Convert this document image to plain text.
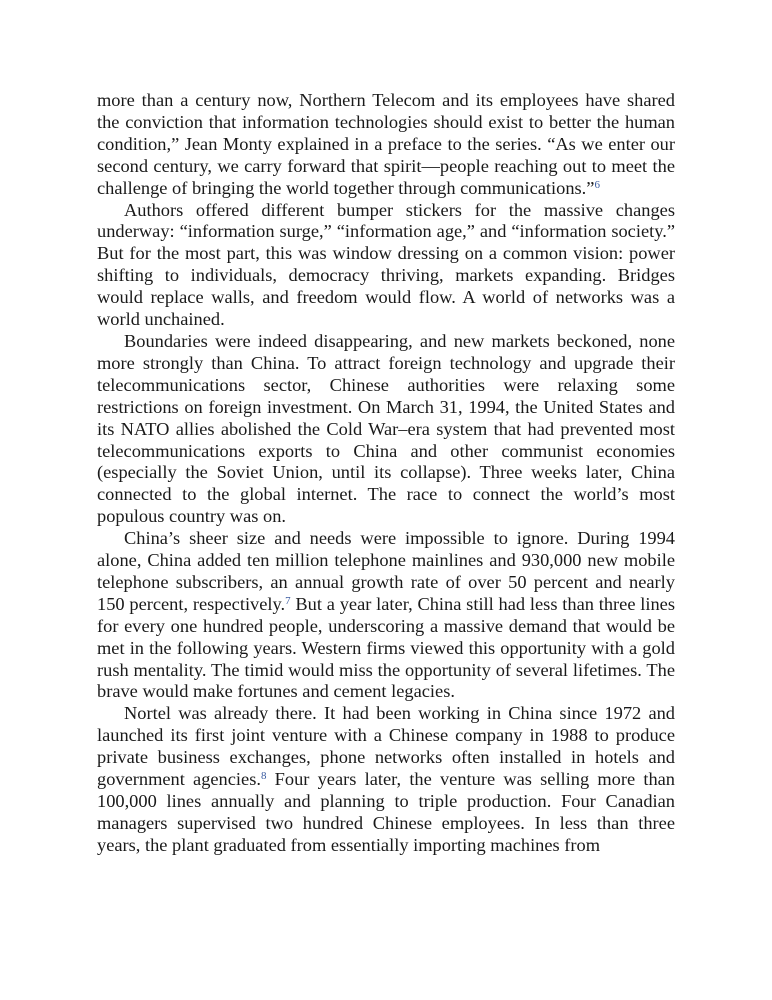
more than a century now, Northern Telecom and its employees have shared the conviction that information technologies should exist to better the human condition,” Jean Monty explained in a preface to the series. “As we enter our second century, we carry forward that spirit—people reaching out to meet the challenge of bringing the world together through communications.”$^6$

Authors offered different bumper stickers for the massive changes underway: “information surge,” “information age,” and “information society.” But for the most part, this was window dressing on a common vision: power shifting to individuals, democracy thriving, markets expanding. Bridges would replace walls, and freedom would flow. A world of networks was a world unchained.

Boundaries were indeed disappearing, and new markets beckoned, none more strongly than China. To attract foreign technology and upgrade their telecommunications sector, Chinese authorities were relaxing some restrictions on foreign investment. On March 31, 1994, the United States and its NATO allies abolished the Cold War–era system that had prevented most telecommunications exports to China and other communist economies (especially the Soviet Union, until its collapse). Three weeks later, China connected to the global internet. The race to connect the world’s most populous country was on.

China’s sheer size and needs were impossible to ignore. During 1994 alone, China added ten million telephone mainlines and 930,000 new mobile telephone subscribers, an annual growth rate of over 50 percent and nearly 150 percent, respectively.$^7$ But a year later, China still had less than three lines for every one hundred people, underscoring a massive demand that would be met in the following years. Western firms viewed this opportunity with a gold rush mentality. The timid would miss the opportunity of several lifetimes. The brave would make fortunes and cement legacies.

Nortel was already there. It had been working in China since 1972 and launched its first joint venture with a Chinese company in 1988 to produce private business exchanges, phone networks often installed in hotels and government agencies.$^8$ Four years later, the venture was selling more than 100,000 lines annually and planning to triple production. Four Canadian managers supervised two hundred Chinese employees. In less than three years, the plant graduated from essentially importing machines from
